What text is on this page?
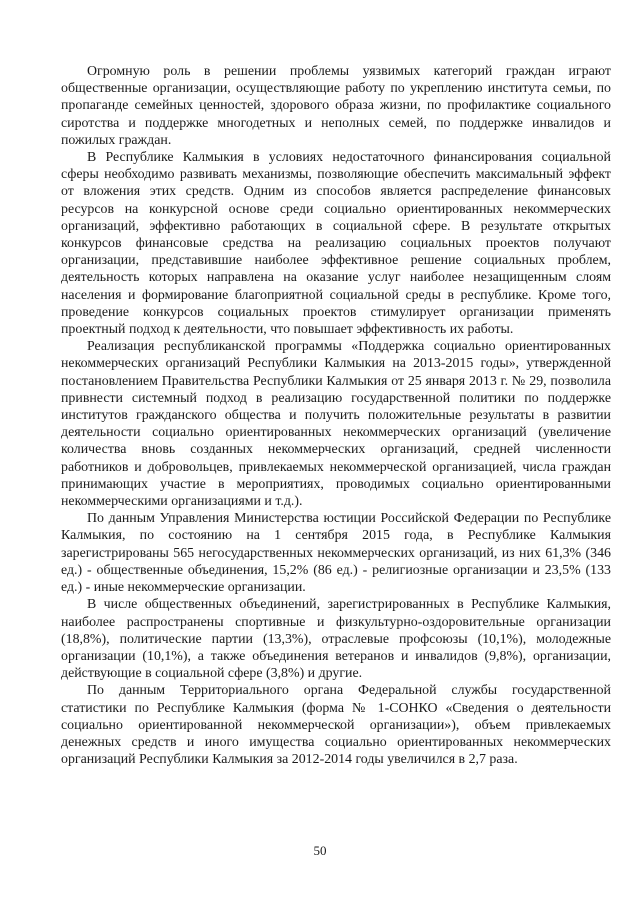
Огромную роль в решении проблемы уязвимых категорий граждан играют общественные организации, осуществляющие работу по укреплению института семьи, по пропаганде семейных ценностей, здорового образа жизни, по профилактике социального сиротства и поддержке многодетных и неполных семей, по поддержке инвалидов и пожилых граждан.

В Республике Калмыкия в условиях недостаточного финансирования социальной сферы необходимо развивать механизмы, позволяющие обеспечить максимальный эффект от вложения этих средств. Одним из способов является распределение финансовых ресурсов на конкурсной основе среди социально ориентированных некоммерческих организаций, эффективно работающих в социальной сфере. В результате открытых конкурсов финансовые средства на реализацию социальных проектов получают организации, представившие наиболее эффективное решение социальных проблем, деятельность которых направлена на оказание услуг наиболее незащищенным слоям населения и формирование благоприятной социальной среды в республике. Кроме того, проведение конкурсов социальных проектов стимулирует организации применять проектный подход к деятельности, что повышает эффективность их работы.

Реализация республиканской программы «Поддержка социально ориентированных некоммерческих организаций Республики Калмыкия на 2013-2015 годы», утвержденной постановлением Правительства Республики Калмыкия от 25 января 2013 г. № 29, позволила привнести системный подход в реализацию государственной политики по поддержке институтов гражданского общества и получить положительные результаты в развитии деятельности социально ориентированных некоммерческих организаций (увеличение количества вновь созданных некоммерческих организаций, средней численности работников и добровольцев, привлекаемых некоммерческой организацией, числа граждан принимающих участие в мероприятиях, проводимых социально ориентированными некоммерческими организациями и т.д.).

По данным Управления Министерства юстиции Российской Федерации по Республике Калмыкия, по состоянию на 1 сентября 2015 года, в Республике Калмыкия зарегистрированы 565 негосударственных некоммерческих организаций, из них 61,3% (346 ед.) - общественные объединения, 15,2% (86 ед.) - религиозные организации и 23,5% (133 ед.) - иные некоммерческие организации.

В числе общественных объединений, зарегистрированных в Республике Калмыкия, наиболее распространены спортивные и физкультурно-оздоровительные организации (18,8%), политические партии (13,3%), отраслевые профсоюзы (10,1%), молодежные организации (10,1%), а также объединения ветеранов и инвалидов (9,8%), организации, действующие в социальной сфере (3,8%) и другие.

По данным Территориального органа Федеральной службы государственной статистики по Республике Калмыкия (форма № 1-СОНКО «Сведения о деятельности социально ориентированной некоммерческой организации»), объем привлекаемых денежных средств и иного имущества социально ориентированных некоммерческих организаций Республики Калмыкия за 2012-2014 годы увеличился в 2,7 раза.

50
